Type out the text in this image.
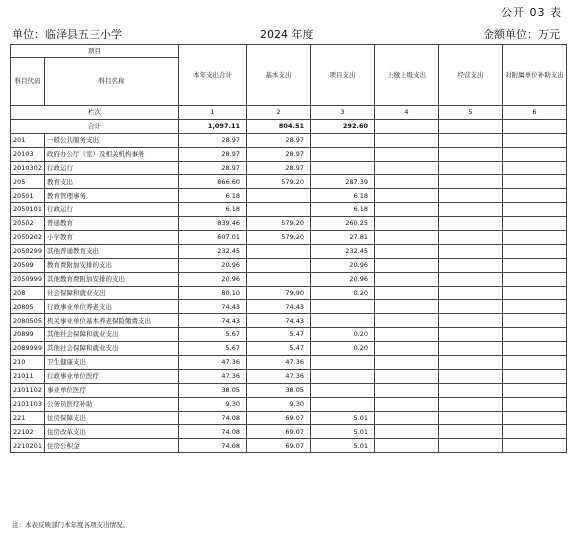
公开 03 表
单位：临泽县五三小学	2024 年度	金额单位：万元
项目		本年支出合计	基本支出	项目支出	上缴上级支出	经营支出	对附属单位补助支出
科目代码	科目名称						
栏次		1	2	3	4	5	6
合计		1,097.11	804.51	292.60			
201	一般公共服务支出	28.97	28.97				
20103	政府办公厅（室）及相关机构事务	28.97	28.97				
2010302	行政运行	28.97	28.97				
205	教育支出	866.60	579.20	287.39			
20501	教育管理事务	6.18		6.18			
2050101	行政运行	6.18		6.18			
20502	普通教育	839.46	579.20	260.25			
2050202	小学教育	607.01	579.20	27.81			
2050299	其他普通教育支出	232.45		232.45			
20509	教育费附加安排的支出	20.96		20.96			
2050999	其他教育费附加安排的支出	20.96		20.96			
208	社会保障和就业支出	80.10	79.90	0.20			
20805	行政事业单位养老支出	74.43	74.43				
2080505	机关事业单位基本养老保险缴费支出	74.43	74.43				
20899	其他社会保障和就业支出	5.67	5.47	0.20			
2089999	其他社会保障和就业支出	5.67	5.47	0.20			
210	卫生健康支出	47.36	47.36				
21011	行政事业单位医疗	47.36	47.36				
2101102	事业单位医疗	38.05	38.05				
2101103	公务员医疗补助	9.30	9.30				
221	住房保障支出	74.08	69.07	5.01			
22102	住房改革支出	74.08	69.07	5.01			
2210201	住房公积金	74.08	69.07	5.01			
注：本表反映部门本年度各项支出情况。
